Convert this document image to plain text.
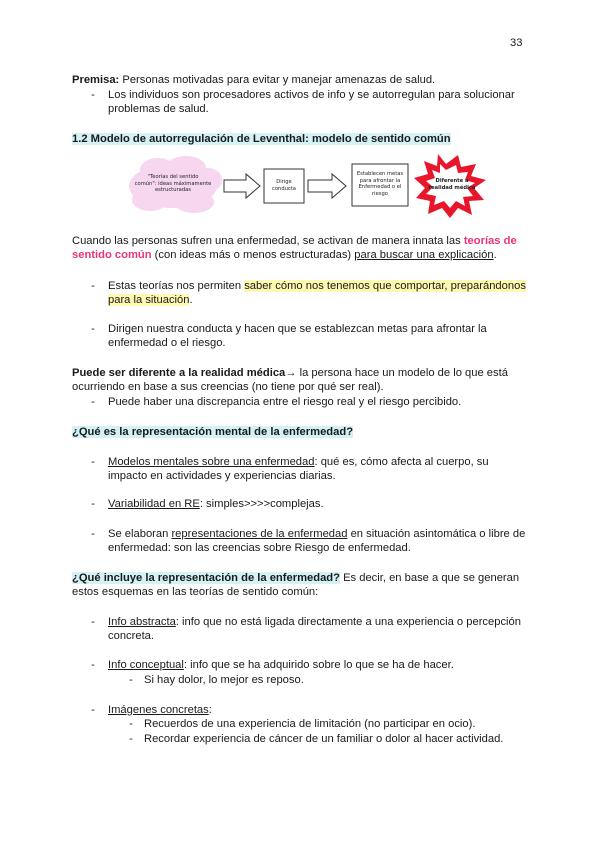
33
Premisa: Personas motivadas para evitar y manejar amenazas de salud.
- Los individuos son procesadores activos de info y se autorregulan para solucionar
problemas de salud.
1.2 Modelo de autorregulación de Leventhal: modelo de sentido común
"Teorías del sentido
común": ideas máximamente
estructuradas
Dirige
conducta
Establecen metas
para afrontar la
Enfermedad o el
riesgo
Diferente a
realidad médica
Cuando las personas sufren una enfermedad, se activan de manera innata las teorías de
sentido común (con ideas más o menos estructuradas) para buscar una explicación.
- Estas teorías nos permiten saber cómo nos tenemos que comportar, preparándonos
para la situación.
- Dirigen nuestra conducta y hacen que se establezcan metas para afrontar la
enfermedad o el riesgo.
Puede ser diferente a la realidad médica→ la persona hace un modelo de lo que está
ocurriendo en base a sus creencias (no tiene por qué ser real).
- Puede haber una discrepancia entre el riesgo real y el riesgo percibido.
¿Qué es la representación mental de la enfermedad?
- Modelos mentales sobre una enfermedad: qué es, cómo afecta al cuerpo, su
impacto en actividades y experiencias diarias.
- Variabilidad en RE: simples>>>>complejas.
- Se elaboran representaciones de la enfermedad en situación asintomática o libre de
enfermedad: son las creencias sobre Riesgo de enfermedad.
¿Qué incluye la representación de la enfermedad? Es decir, en base a que se generan
estos esquemas en las teorías de sentido común:
- Info abstracta: info que no está ligada directamente a una experiencia o percepción
concreta.
- Info conceptual: info que se ha adquirido sobre lo que se ha de hacer.
- Si hay dolor, lo mejor es reposo.
- Imágenes concretas:
- Recuerdos de una experiencia de limitación (no participar en ocio).
- Recordar experiencia de cáncer de un familiar o dolor al hacer actividad.
